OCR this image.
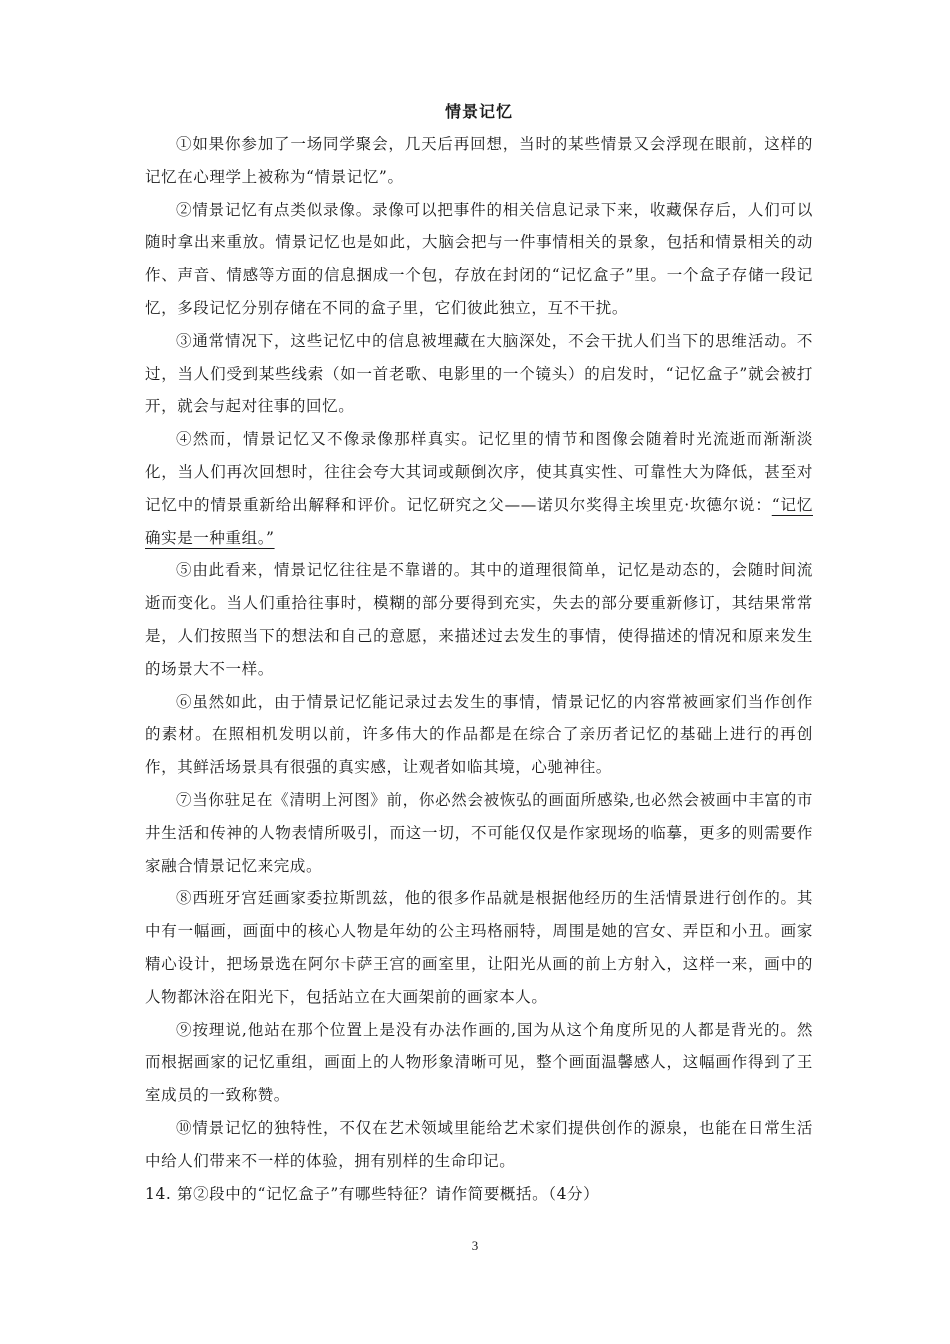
情景记忆

①如果你参加了一场同学聚会，几天后再回想，当时的某些情景又会浮现在眼前，这样的记忆在心理学上被称为“情景记忆”。

②情景记忆有点类似录像。录像可以把事件的相关信息记录下来，收藏保存后，人们可以随时拿出来重放。情景记忆也是如此，大脑会把与一件事情相关的景象，包括和情景相关的动作、声音、情感等方面的信息捆成一个包，存放在封闭的“记忆盒子”里。一个盒子存储一段记忆，多段记忆分别存储在不同的盒子里，它们彼此独立，互不干扰。

③通常情况下，这些记忆中的信息被埋藏在大脑深处，不会干扰人们当下的思维活动。不过，当人们受到某些线索（如一首老歌、电影里的一个镜头）的启发时，“记忆盒子”就会被打开，就会与起对往事的回忆。

④然而，情景记忆又不像录像那样真实。记忆里的情节和图像会随着时光流逝而渐渐淡化，当人们再次回想时，往往会夸大其词或颠倒次序，使其真实性、可靠性大为降低，甚至对记忆中的情景重新给出解释和评价。记忆研究之父——诺贝尔奖得主埃里克·坎德尔说：“记忆确实是一种重组。”

⑤由此看来，情景记忆往往是不靠谱的。其中的道理很简单，记忆是动态的，会随时间流逝而变化。当人们重拾往事时，模糊的部分要得到充实，失去的部分要重新修订，其结果常常是，人们按照当下的想法和自己的意愿，来描述过去发生的事情，使得描述的情况和原来发生的场景大不一样。

⑥虽然如此，由于情景记忆能记录过去发生的事情，情景记忆的内容常被画家们当作创作的素材。在照相机发明以前，许多伟大的作品都是在综合了亲历者记忆的基础上进行的再创作，其鲜活场景具有很强的真实感，让观者如临其境，心驰神往。

⑦当你驻足在《清明上河图》前，你必然会被恢弘的画面所感染,也必然会被画中丰富的市井生活和传神的人物表情所吸引，而这一切，不可能仅仅是作家现场的临摹，更多的则需要作家融合情景记忆来完成。

⑧西班牙宫廷画家委拉斯凯兹，他的很多作品就是根据他经历的生活情景进行创作的。其中有一幅画，画面中的核心人物是年幼的公主玛格丽特，周围是她的宫女、弄臣和小丑。画家精心设计，把场景选在阿尔卡萨王宫的画室里，让阳光从画的前上方射入，这样一来，画中的人物都沐浴在阳光下，包括站立在大画架前的画家本人。

⑨按理说,他站在那个位置上是没有办法作画的,国为从这个角度所见的人都是背光的。然而根据画家的记忆重组，画面上的人物形象清晰可见，整个画面温馨感人，这幅画作得到了王室成员的一致称赞。

⑩情景记忆的独特性，不仅在艺术领域里能给艺术家们提供创作的源泉，也能在日常生活中给人们带来不一样的体验，拥有别样的生命印记。

14. 第②段中的“记忆盒子”有哪些特征？请作简要概括。（4分）

3
